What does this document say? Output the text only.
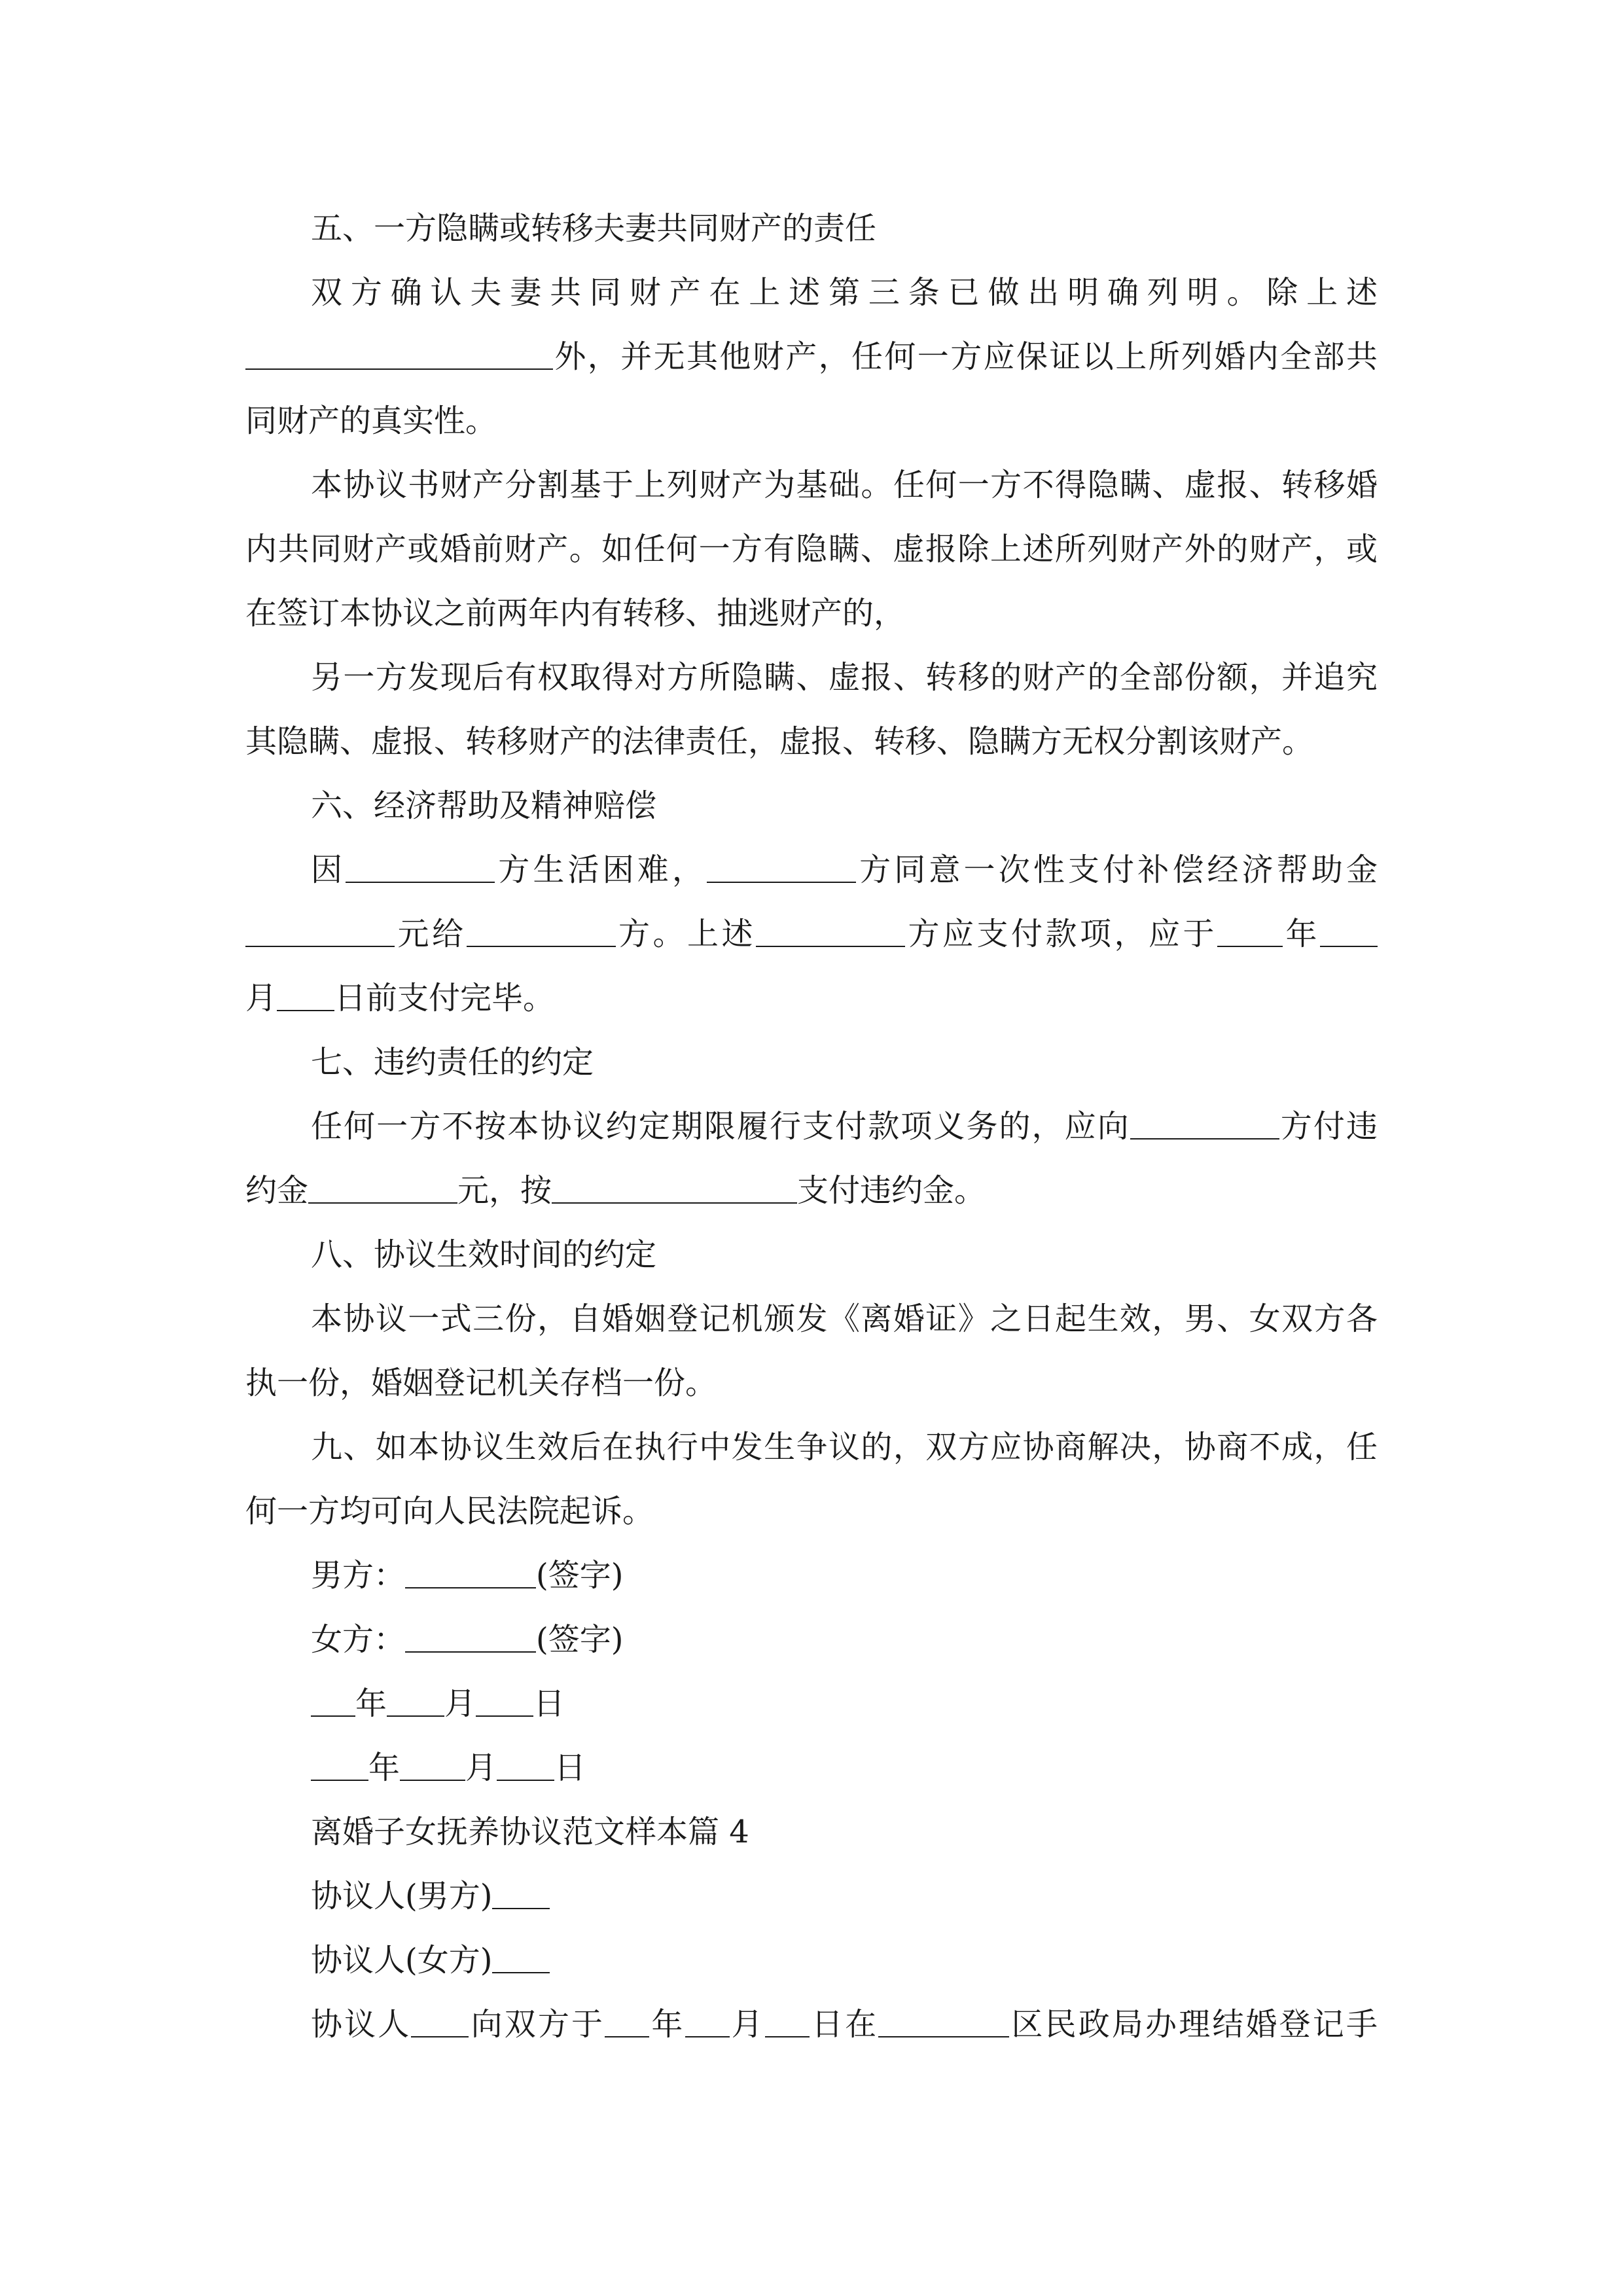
五、一方隐瞒或转移夫妻共同财产的责任
双方确认夫妻共同财产在上述第三条已做出明确列明。除上述
外，并无其他财产，任何一方应保证以上所列婚内全部共
同财产的真实性。
本协议书财产分割基于上列财产为基础。任何一方不得隐瞒、虚报、转移婚
内共同财产或婚前财产。如任何一方有隐瞒、虚报除上述所列财产外的财产，或
在签订本协议之前两年内有转移、抽逃财产的，
另一方发现后有权取得对方所隐瞒、虚报、转移的财产的全部份额，并追究
其隐瞒、虚报、转移财产的法律责任，虚报、转移、隐瞒方无权分割该财产。
六、经济帮助及精神赔偿
因	方生活困难，	方同意一次性支付补偿经济帮助金
元给	方。上述	方应支付款项，应于 年
月 日前支付完毕。
七、违约责任的约定
任何一方不按本协议约定期限履行支付款项义务的，应向	方付违
约金	元，按	支付违约金。
八、协议生效时间的约定
本协议一式三份，自婚姻登记机颁发《离婚证》之日起生效，男、女双方各
执一份，婚姻登记机关存档一份。
九、如本协议生效后在执行中发生争议的，双方应协商解决，协商不成，任
何一方均可向人民法院起诉。
男方：	(签字)
女方：	(签字)
年 月 日
年 月 日
离婚子女抚养协议范文样本篇 4
协议人(男方)
协议人(女方)
协议人 向双方于 年 月 日在	区民政局办理结婚登记手
